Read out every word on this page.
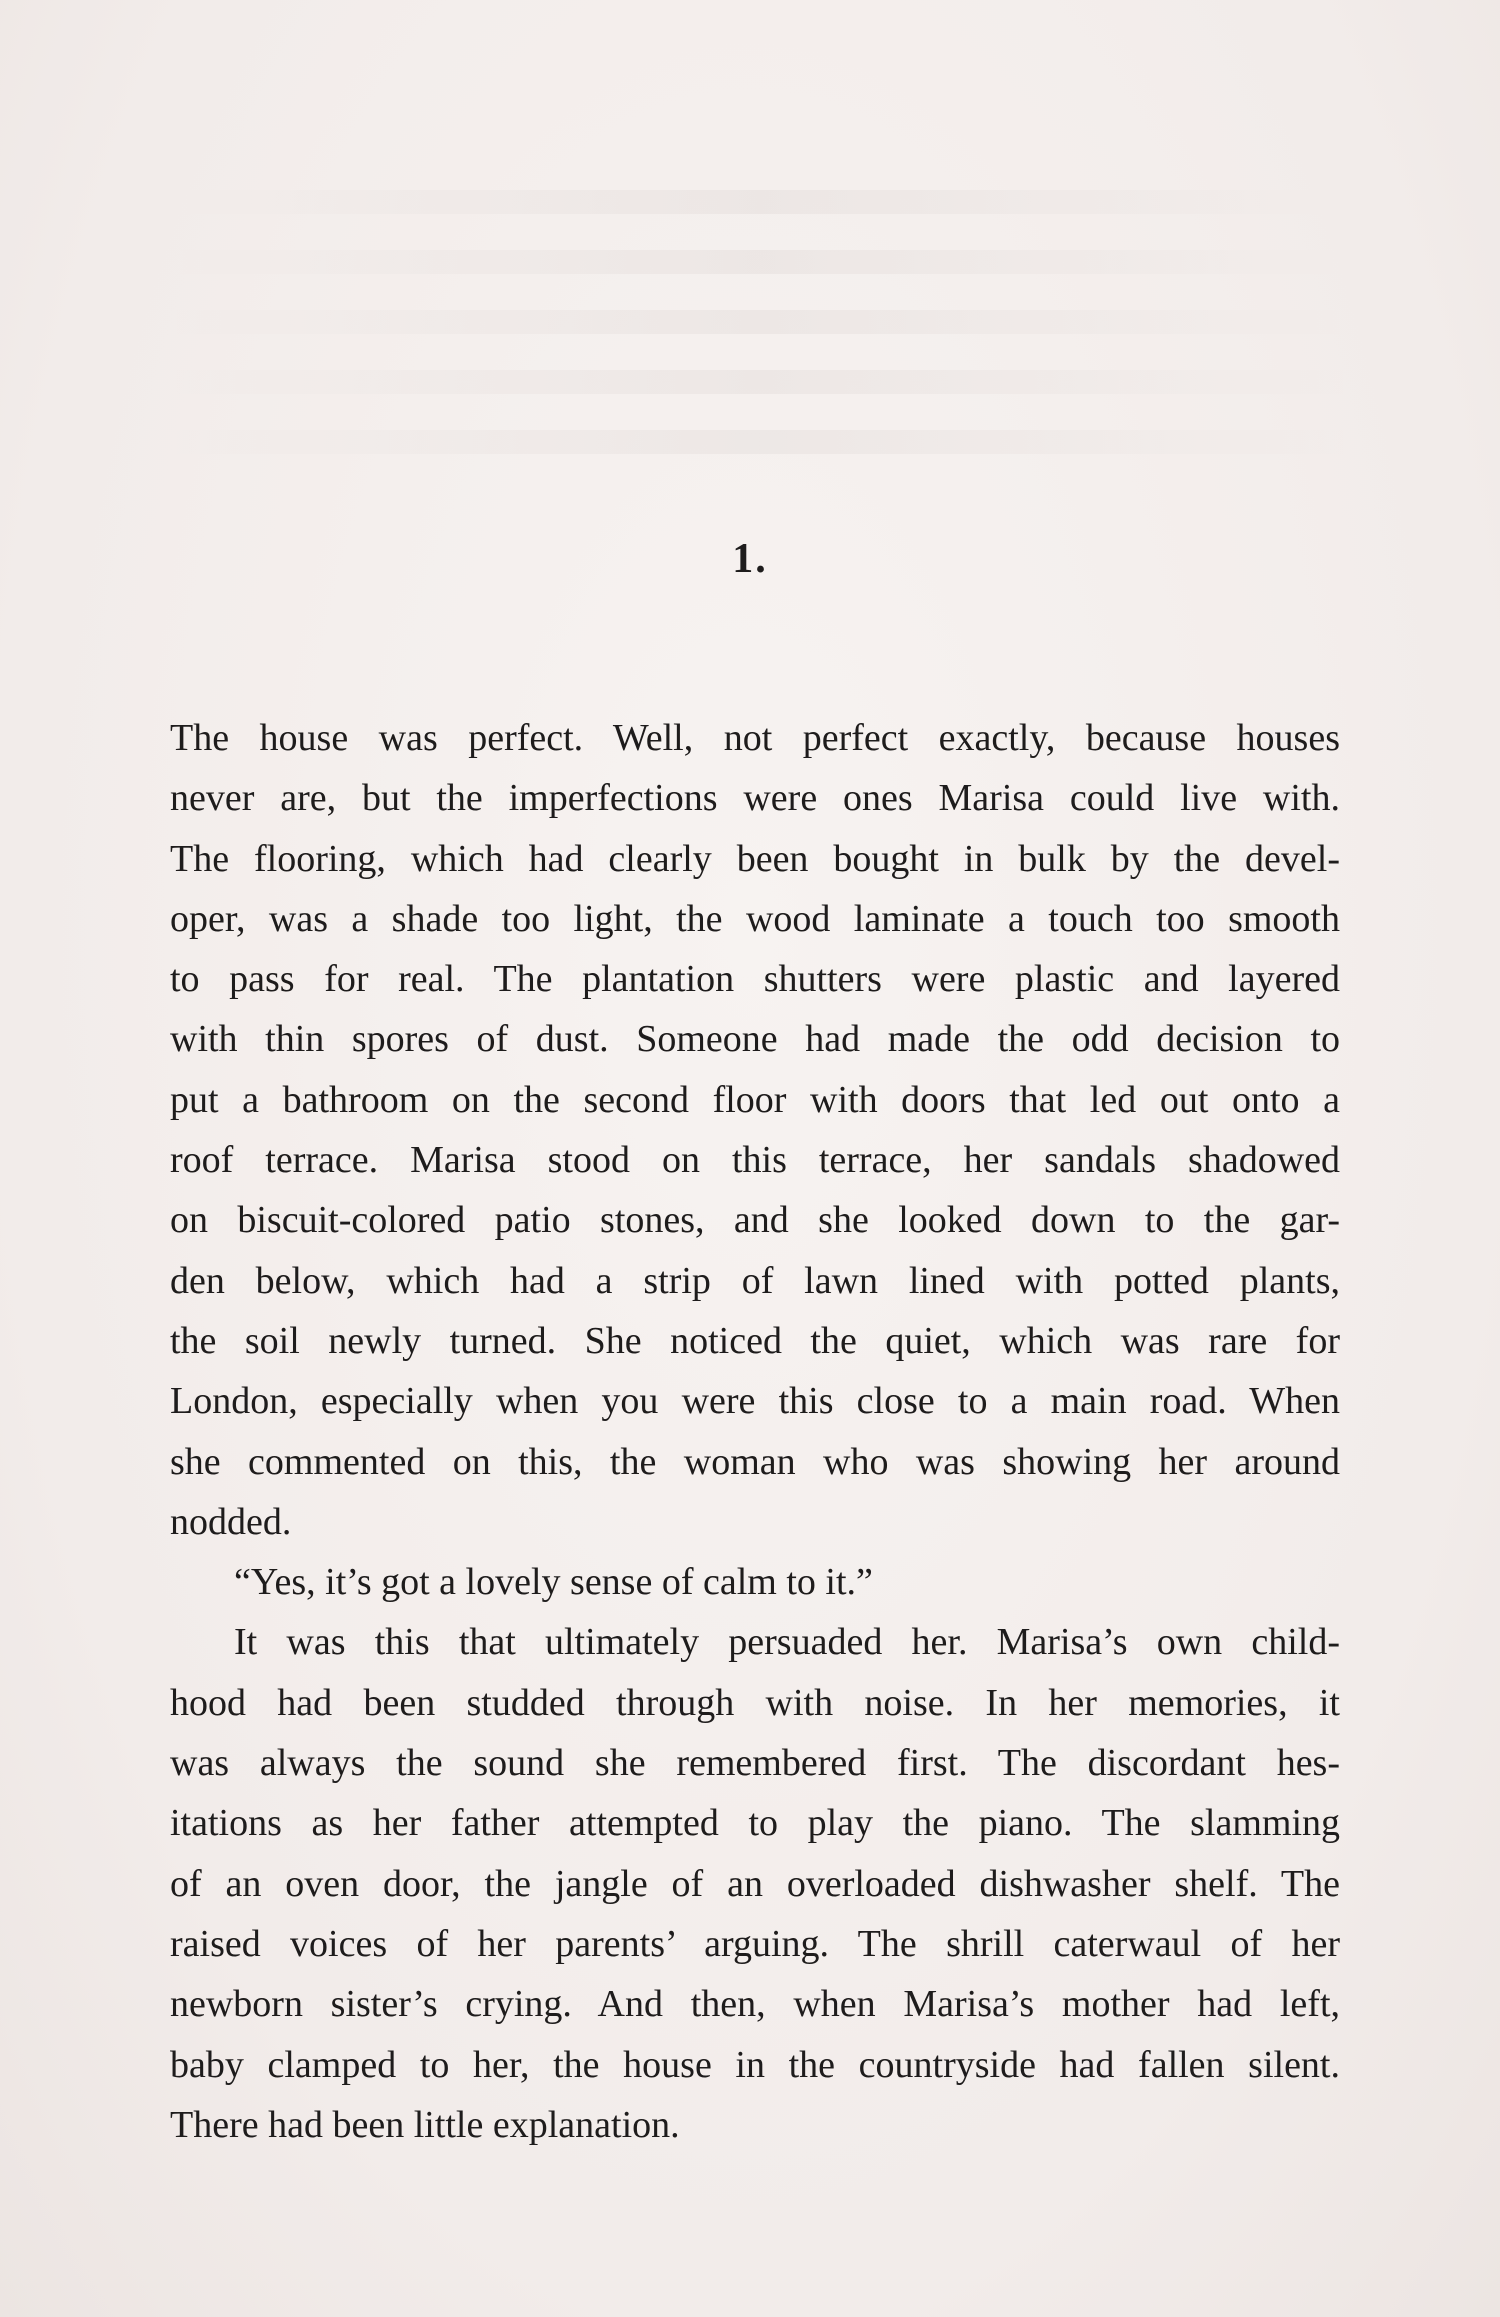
1.
The house was perfect. Well, not perfect exactly, because houses
never are, but the imperfections were ones Marisa could live with.
The flooring, which had clearly been bought in bulk by the devel-
oper, was a shade too light, the wood laminate a touch too smooth
to pass for real. The plantation shutters were plastic and layered
with thin spores of dust. Someone had made the odd decision to
put a bathroom on the second floor with doors that led out onto a
roof terrace. Marisa stood on this terrace, her sandals shadowed
on biscuit-colored patio stones, and she looked down to the gar-
den below, which had a strip of lawn lined with potted plants,
the soil newly turned. She noticed the quiet, which was rare for
London, especially when you were this close to a main road. When
she commented on this, the woman who was showing her around
nodded.
“Yes, it’s got a lovely sense of calm to it.”
It was this that ultimately persuaded her. Marisa’s own child-
hood had been studded through with noise. In her memories, it
was always the sound she remembered first. The discordant hes-
itations as her father attempted to play the piano. The slamming
of an oven door, the jangle of an overloaded dishwasher shelf. The
raised voices of her parents’ arguing. The shrill caterwaul of her
newborn sister’s crying. And then, when Marisa’s mother had left,
baby clamped to her, the house in the countryside had fallen silent.
There had been little explanation.
